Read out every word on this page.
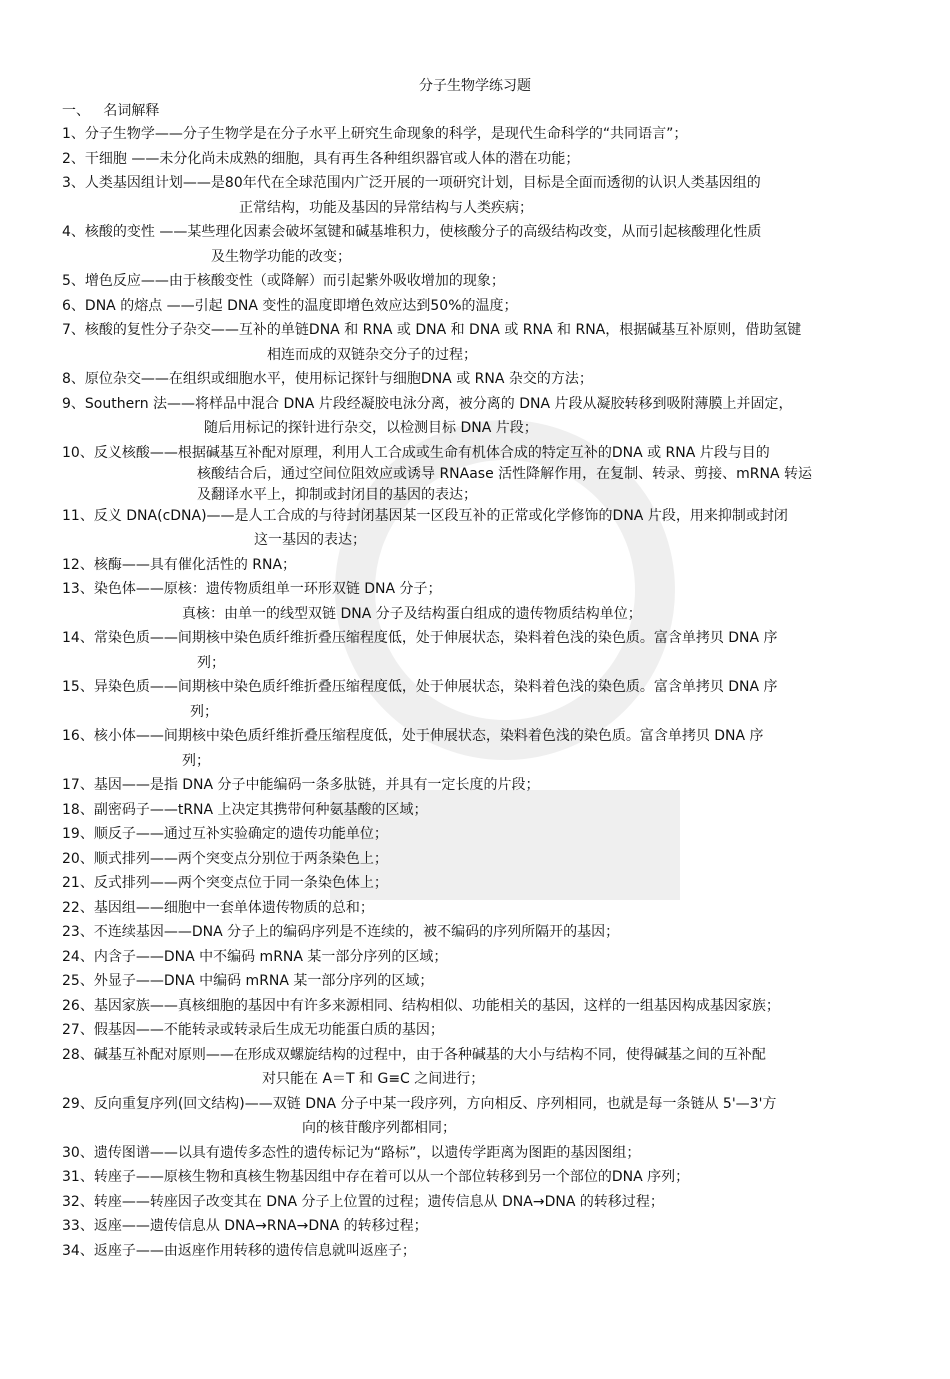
分子生物学练习题
一、   名词解释
1、分子生物学——分子生物学是在分子水平上研究生命现象的科学，是现代生命科学的“共同语言”；
2、干细胞 ——未分化尚未成熟的细胞，具有再生各种组织器官或人体的潜在功能；
3、人类基因组计划——是80年代在全球范围内广泛开展的一项研究计划，目标是全面而透彻的认识人类基因组的
正常结构，功能及基因的异常结构与人类疾病；
4、核酸的变性 ——某些理化因素会破坏氢键和碱基堆积力，使核酸分子的高级结构改变，从而引起核酸理化性质
及生物学功能的改变；
5、增色反应——由于核酸变性（或降解）而引起紫外吸收增加的现象；
6、DNA 的熔点 ——引起 DNA 变性的温度即增色效应达到50%的温度；
7、核酸的复性分子杂交——互补的单链DNA 和 RNA 或 DNA 和 DNA 或 RNA 和 RNA，根据碱基互补原则，借助氢键
相连而成的双链杂交分子的过程；
8、原位杂交——在组织或细胞水平，使用标记探针与细胞DNA 或 RNA 杂交的方法；
9、Southern 法——将样品中混合 DNA 片段经凝胶电泳分离，被分离的 DNA 片段从凝胶转移到吸附薄膜上并固定，
随后用标记的探针进行杂交，以检测目标 DNA 片段；
10、反义核酸——根据碱基互补配对原理，利用人工合成或生命有机体合成的特定互补的DNA 或 RNA 片段与目的
核酸结合后，通过空间位阻效应或诱导 RNAase 活性降解作用，在复制、转录、剪接、mRNA 转运
及翻译水平上，抑制或封闭目的基因的表达；
11、反义 DNA(cDNA)——是人工合成的与待封闭基因某一区段互补的正常或化学修饰的DNA 片段，用来抑制或封闭
这一基因的表达；
12、核酶——具有催化活性的 RNA；
13、染色体——原核：遗传物质组单一环形双链 DNA 分子；
真核：由单一的线型双链 DNA 分子及结构蛋白组成的遗传物质结构单位；
14、常染色质——间期核中染色质纤维折叠压缩程度低，处于伸展状态，染料着色浅的染色质。富含单拷贝 DNA 序
列；
15、异染色质——间期核中染色质纤维折叠压缩程度低，处于伸展状态，染料着色浅的染色质。富含单拷贝 DNA 序
列；
16、核小体——间期核中染色质纤维折叠压缩程度低，处于伸展状态，染料着色浅的染色质。富含单拷贝 DNA 序
列；
17、基因——是指 DNA 分子中能编码一条多肽链，并具有一定长度的片段；
18、副密码子——tRNA 上决定其携带何种氨基酸的区域；
19、顺反子——通过互补实验确定的遗传功能单位；
20、顺式排列——两个突变点分别位于两条染色上；
21、反式排列——两个突变点位于同一条染色体上；
22、基因组——细胞中一套单体遗传物质的总和；
23、不连续基因——DNA 分子上的编码序列是不连续的，被不编码的序列所隔开的基因；
24、内含子——DNA 中不编码 mRNA 某一部分序列的区域；
25、外显子——DNA 中编码 mRNA 某一部分序列的区域；
26、基因家族——真核细胞的基因中有许多来源相同、结构相似、功能相关的基因，这样的一组基因构成基因家族；
27、假基因——不能转录或转录后生成无功能蛋白质的基因；
28、碱基互补配对原则——在形成双螺旋结构的过程中，由于各种碱基的大小与结构不同，使得碱基之间的互补配
对只能在 A＝T 和 G≡C 之间进行；
29、反向重复序列(回文结构)——双链 DNA 分子中某一段序列，方向相反、序列相同，也就是每一条链从 5'—3'方
向的核苷酸序列都相同；
30、遗传图谱——以具有遗传多态性的遗传标记为“路标”，以遗传学距离为图距的基因图组；
31、转座子——原核生物和真核生物基因组中存在着可以从一个部位转移到另一个部位的DNA 序列；
32、转座——转座因子改变其在 DNA 分子上位置的过程；遗传信息从 DNA→DNA 的转移过程；
33、返座——遗传信息从 DNA→RNA→DNA 的转移过程；
34、返座子——由返座作用转移的遗传信息就叫返座子；
